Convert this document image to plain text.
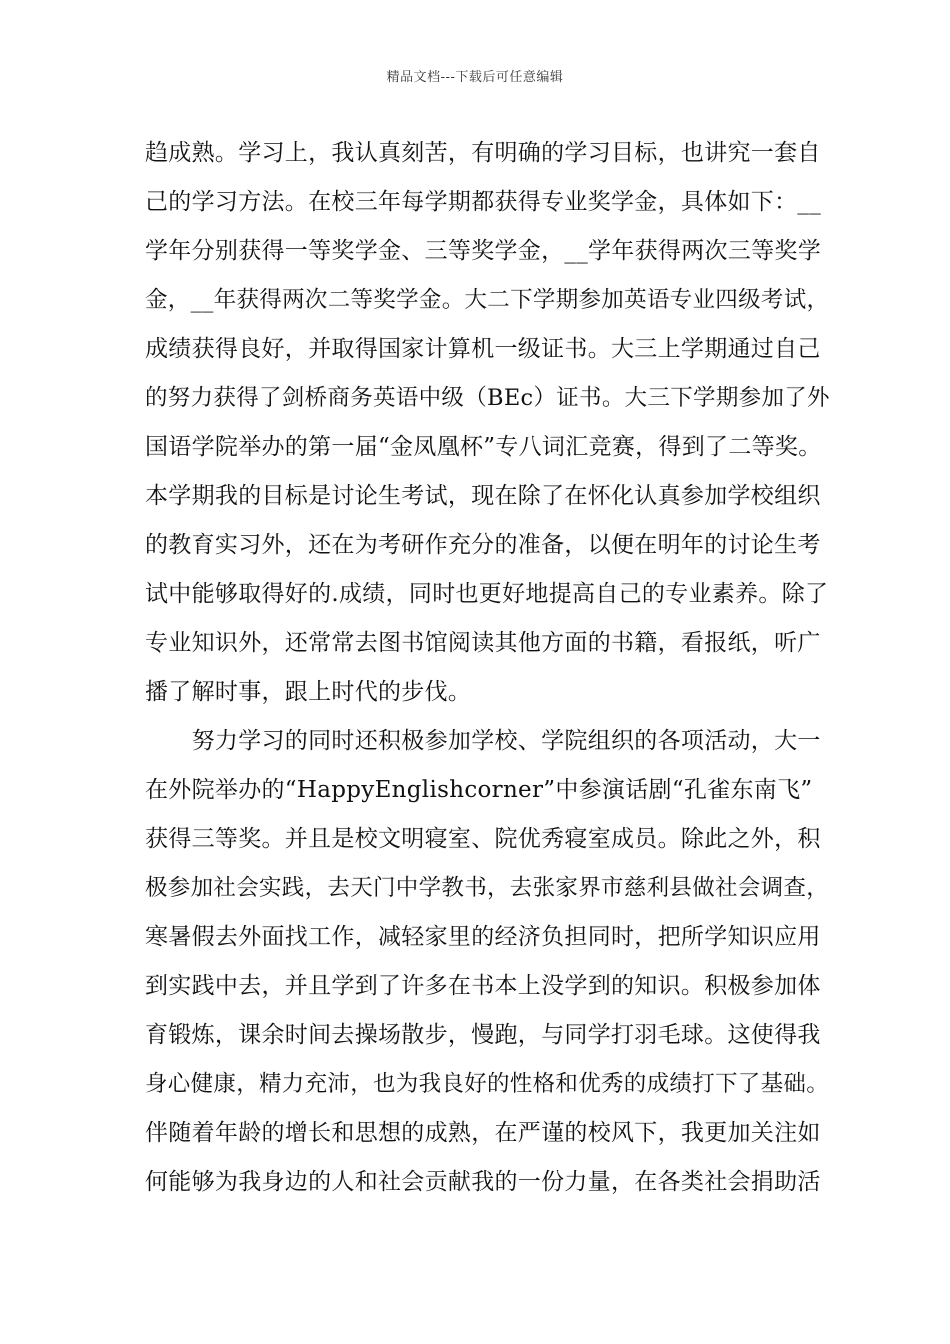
精品文档---下载后可任意编辑
趋成熟。学习上，我认真刻苦，有明确的学习目标，也讲究一套自
己的学习方法。在校三年每学期都获得专业奖学金，具体如下：__
学年分别获得一等奖学金、三等奖学金，__学年获得两次三等奖学
金，__年获得两次二等奖学金。大二下学期参加英语专业四级考试，
成绩获得良好，并取得国家计算机一级证书。大三上学期通过自己
的努力获得了剑桥商务英语中级（BEc）证书。大三下学期参加了外
国语学院举办的第一届“金凤凰杯”专八词汇竞赛，得到了二等奖。
本学期我的目标是讨论生考试，现在除了在怀化认真参加学校组织
的教育实习外，还在为考研作充分的准备，以便在明年的讨论生考
试中能够取得好的.成绩，同时也更好地提高自己的专业素养。除了
专业知识外，还常常去图书馆阅读其他方面的书籍，看报纸，听广
播了解时事，跟上时代的步伐。
　　努力学习的同时还积极参加学校、学院组织的各项活动，大一
在外院举办的“HappyEnglishcorner”中参演话剧“孔雀东南飞”
获得三等奖。并且是校文明寝室、院优秀寝室成员。除此之外，积
极参加社会实践，去天门中学教书，去张家界市慈利县做社会调查，
寒暑假去外面找工作，减轻家里的经济负担同时，把所学知识应用
到实践中去，并且学到了许多在书本上没学到的知识。积极参加体
育锻炼，课余时间去操场散步，慢跑，与同学打羽毛球。这使得我
身心健康，精力充沛，也为我良好的性格和优秀的成绩打下了基础。
伴随着年龄的增长和思想的成熟，在严谨的校风下，我更加关注如
何能够为我身边的人和社会贡献我的一份力量，在各类社会捐助活
